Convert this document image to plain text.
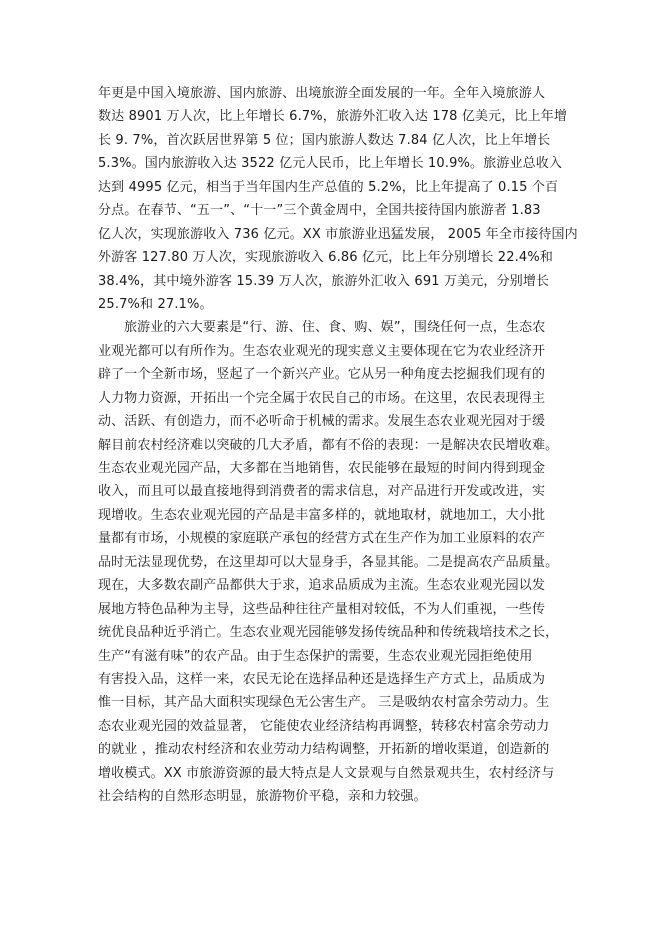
年更是中国入境旅游、国内旅游、出境旅游全面发展的一年。全年入境旅游人
数达 8901 万人次，比上年增长 6.7%，旅游外汇收入达 178 亿美元，比上年增
长 9. 7%，首次跃居世界第 5 位；国内旅游人数达 7.84 亿人次，比上年增长
5.3%。国内旅游收入达 3522 亿元人民币，比上年增长 10.9%。旅游业总收入
达到 4995 亿元，相当于当年国内生产总值的 5.2%，比上年提高了 0.15 个百
分点。在春节、“五一”、“十一”三个黄金周中，全国共接待国内旅游者 1.83
亿人次，实现旅游收入 736 亿元。XX 市旅游业迅猛发展， 2005 年全市接待国内
外游客 127.80 万人次，实现旅游收入 6.86 亿元，比上年分别增长 22.4%和
38.4%，其中境外游客 15.39 万人次，旅游外汇收入 691 万美元，分别增长
25.7%和 27.1%。
旅游业的六大要素是“行、游、住、食、购、娱”，围绕任何一点，生态农
业观光都可以有所作为。生态农业观光的现实意义主要体现在它为农业经济开
辟了一个全新市场，竖起了一个新兴产业。它从另一种角度去挖掘我们现有的
人力物力资源，开拓出一个完全属于农民自己的市场。在这里，农民表现得主
动、活跃、有创造力，而不必听命于机械的需求。发展生态农业观光园对于缓
解目前农村经济难以突破的几大矛盾，都有不俗的表现：一是解决农民增收难。
生态农业观光园产品，大多都在当地销售，农民能够在最短的时间内得到现金
收入，而且可以最直接地得到消费者的需求信息，对产品进行开发或改进，实
现增收。生态农业观光园的产品是丰富多样的，就地取材，就地加工，大小批
量都有市场，小规模的家庭联产承包的经营方式在生产作为加工业原料的农产
品时无法显现优势，在这里却可以大显身手，各显其能。二是提高农产品质量。
现在，大多数农副产品都供大于求，追求品质成为主流。生态农业观光园以发
展地方特色品种为主导，这些品种往往产量相对较低，不为人们重视，一些传
统优良品种近乎消亡。生态农业观光园能够发扬传统品种和传统栽培技术之长，
生产“有滋有味”的农产品。由于生态保护的需要，生态农业观光园拒绝使用
有害投入品，这样一来，农民无论在选择品种还是选择生产方式上，品质成为
惟一目标，其产品大面积实现绿色无公害生产。 三是吸纳农村富余劳动力。生
态农业观光园的效益显著， 它能使农业经济结构再调整，转移农村富余劳动力
的就业 ，推动农村经济和农业劳动力结构调整，开拓新的增收渠道，创造新的
增收模式。XX 市旅游资源的最大特点是人文景观与自然景观共生，农村经济与
社会结构的自然形态明显，旅游物价平稳，亲和力较强。
